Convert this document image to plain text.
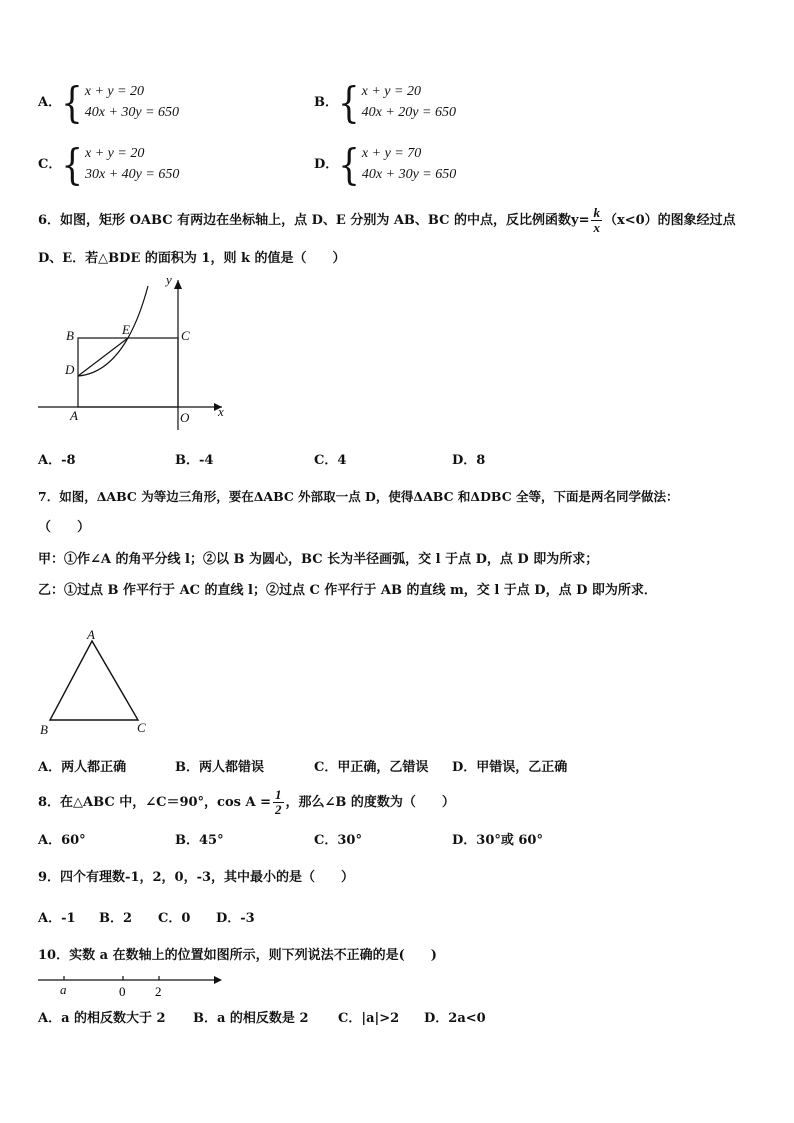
A． { x + y = 20
40x + 30y = 650
B． { x + y = 20
40x + 20y = 650
C． { x + y = 20
30x + 40y = 650
D． { x + y = 70
40x + 30y = 650
6．如图，矩形 OABC 有两边在坐标轴上，点 D、E 分别为 AB、BC 的中点，反比例函数$y= \frac{k}{x} (x<0)$的图象经过点
D、E．若△BDE 的面积为 1，则 k 的值是（　　）
B	E	C
D
A	O x
y
A．-8	B．-4	C．4	D．8
7．如图，ΔABC 为等边三角形，要在ΔABC 外部取一点 D，使得ΔABC 和ΔDBC 全等，下面是两名同学做法：
（　　）
甲：①作∠A 的角平分线 l；②以 B 为圆心，BC 长为半径画弧，交 l 于点 D，点 D 即为所求；
乙：①过点 B 作平行于 AC 的直线 l；②过点 C 作平行于 AB 的直线 m，交 l 于点 D，点 D 即为所求．
A
B	C
A．两人都正确	B．两人都错误	C．甲正确，乙错误 D．甲错误，乙正确
8．在△ABC 中，∠C＝90°，$\cos A = \frac{1}{2}$ ，那么∠B 的度数为（　　）
A．60°	B．45°	C．30°	D．30°或 60°
9．四个有理数-1，2，0，-3，其中最小的是（　　）
A．-1 B．2 C．0 D．-3
10．实数 a 在数轴上的位置如图所示，则下列说法不正确的是(　　)
a	0 2
A．a 的相反数大于 2 B．a 的相反数是 2 C．|a|>2 D．2a<0
